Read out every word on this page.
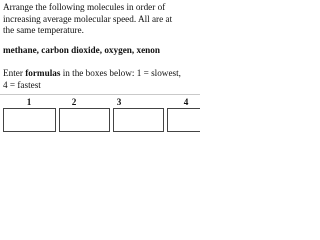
Arrange the following molecules in order of
increasing average molecular speed. All are at
the same temperature.
methane, carbon dioxide, oxygen, xenon
Enter formulas in the boxes below: 1 = slowest,
4 = fastest
1	2	3	4
